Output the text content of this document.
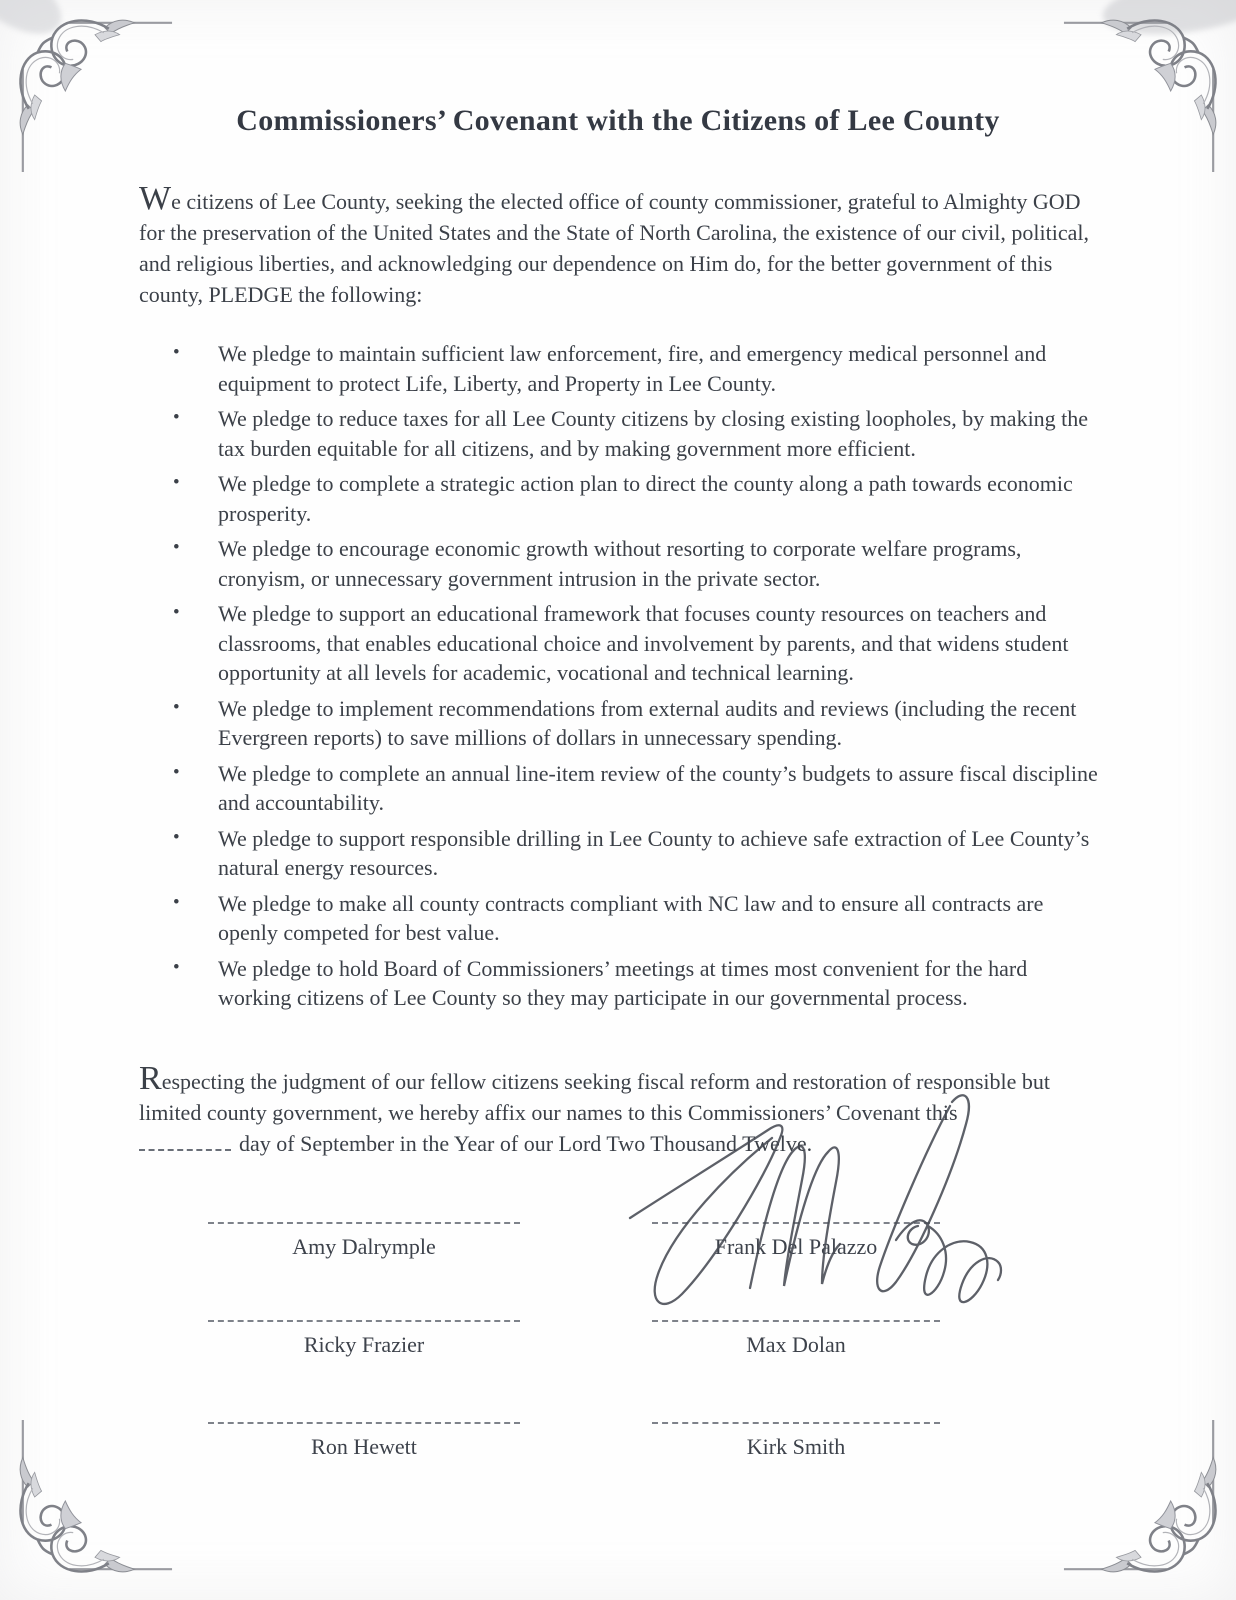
Commissioners’ Covenant with the Citizens of Lee County

We citizens of Lee County, seeking the elected office of county commissioner, grateful to Almighty GOD for the preservation of the United States and the State of North Carolina, the existence of our civil, political, and religious liberties, and acknowledging our dependence on Him do, for the better government of this county, PLEDGE the following:

• We pledge to maintain sufficient law enforcement, fire, and emergency medical personnel and equipment to protect Life, Liberty, and Property in Lee County.
• We pledge to reduce taxes for all Lee County citizens by closing existing loopholes, by making the tax burden equitable for all citizens, and by making government more efficient.
• We pledge to complete a strategic action plan to direct the county along a path towards economic prosperity.
• We pledge to encourage economic growth without resorting to corporate welfare programs, cronyism, or unnecessary government intrusion in the private sector.
• We pledge to support an educational framework that focuses county resources on teachers and classrooms, that enables educational choice and involvement by parents, and that widens student opportunity at all levels for academic, vocational and technical learning.
• We pledge to implement recommendations from external audits and reviews (including the recent Evergreen reports) to save millions of dollars in unnecessary spending.
• We pledge to complete an annual line-item review of the county’s budgets to assure fiscal discipline and accountability.
• We pledge to support responsible drilling in Lee County to achieve safe extraction of Lee County’s natural energy resources.
• We pledge to make all county contracts compliant with NC law and to ensure all contracts are openly competed for best value.
• We pledge to hold Board of Commissioners’ meetings at times most convenient for the hard working citizens of Lee County so they may participate in our governmental process.

Respecting the judgment of our fellow citizens seeking fiscal reform and restoration of responsible but limited county government, we hereby affix our names to this Commissioners’ Covenant this
day of September in the Year of our Lord Two Thousand Twelve.

Amy Dalrymple	Frank Del Palazzo
Ricky Frazier	Max Dolan
Ron Hewett	Kirk Smith
